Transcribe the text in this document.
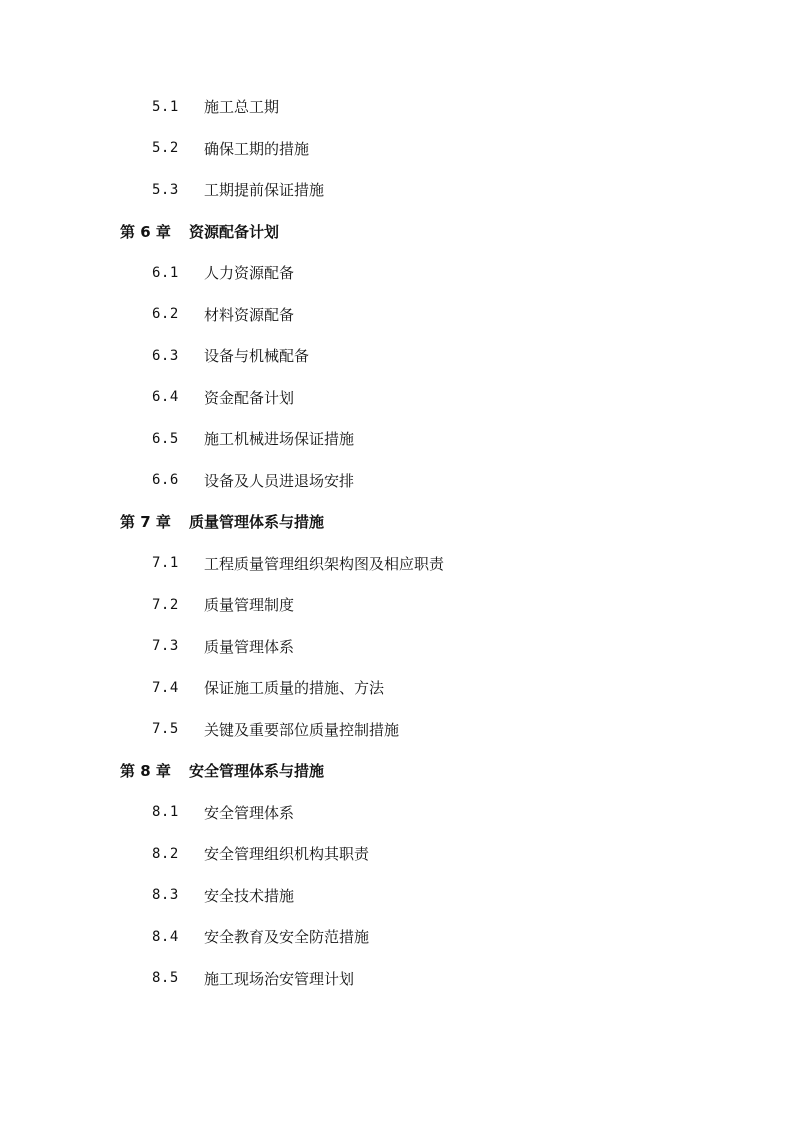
5.1	施工总工期
5.2	确保工期的措施
5.3	工期提前保证措施
第 6 章	资源配备计划
6.1	人力资源配备
6.2	材料资源配备
6.3	设备与机械配备
6.4	资金配备计划
6.5	施工机械进场保证措施
6.6	设备及人员进退场安排
第 7 章	质量管理体系与措施
7.1	工程质量管理组织架构图及相应职责
7.2	质量管理制度
7.3	质量管理体系
7.4	保证施工质量的措施、方法
7.5	关键及重要部位质量控制措施
第 8 章	安全管理体系与措施
8.1	安全管理体系
8.2	安全管理组织机构其职责
8.3	安全技术措施
8.4	安全教育及安全防范措施
8.5	施工现场治安管理计划
